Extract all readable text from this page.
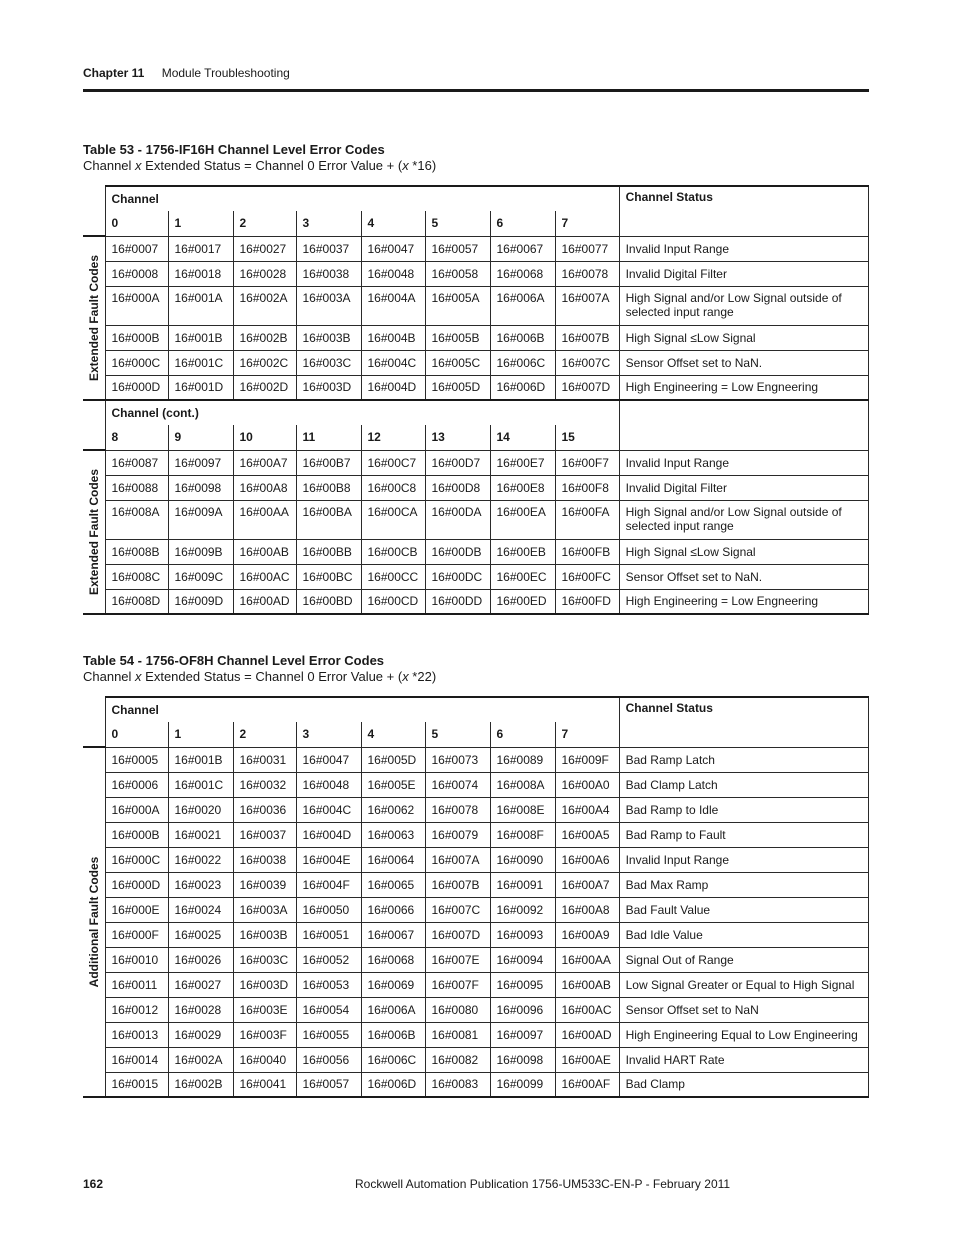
Chapter 11 Module Troubleshooting
Table 53 - 1756-IF16H Channel Level Error Codes
Channel x Extended Status = Channel 0 Error Value + (x *16)
	Channel								Channel Status
	0	1	2	3	4	5	6	7	

Extended Fault Codes	16#0007	16#0017	16#0027	16#0037	16#0047	16#0057	16#0067	16#0077	Invalid Input Range
	16#0008	16#0018	16#0028	16#0038	16#0048	16#0058	16#0068	16#0078	Invalid Digital Filter
	16#000A	16#001A	16#002A	16#003A	16#004A	16#005A	16#006A	16#007A	High Signal and/or Low Signal outside of selected input range
	16#000B	16#001B	16#002B	16#003B	16#004B	16#005B	16#006B	16#007B	High Signal ≤Low Signal
	16#000C	16#001C	16#002C	16#003C	16#004C	16#005C	16#006C	16#007C	Sensor Offset set to NaN.
	16#000D	16#001D	16#002D	16#003D	16#004D	16#005D	16#006D	16#007D	High Engineering = Low Engneering
	Channel (cont.)								
	8	9	10	11	12	13	14	15	

Extended Fault Codes	16#0087	16#0097	16#00A7	16#00B7	16#00C7	16#00D7	16#00E7	16#00F7	Invalid Input Range
	16#0088	16#0098	16#00A8	16#00B8	16#00C8	16#00D8	16#00E8	16#00F8	Invalid Digital Filter
	16#008A	16#009A	16#00AA	16#00BA	16#00CA	16#00DA	16#00EA	16#00FA	High Signal and/or Low Signal outside of selected input range
	16#008B	16#009B	16#00AB	16#00BB	16#00CB	16#00DB	16#00EB	16#00FB	High Signal ≤Low Signal
	16#008C	16#009C	16#00AC	16#00BC	16#00CC	16#00DC	16#00EC	16#00FC	Sensor Offset set to NaN.
	16#008D	16#009D	16#00AD	16#00BD	16#00CD	16#00DD	16#00ED	16#00FD	High Engineering = Low Engneering
Table 54 - 1756-OF8H Channel Level Error Codes
Channel x Extended Status = Channel 0 Error Value + (x *22)
	Channel								Channel Status
	0	1	2	3	4	5	6	7	

Additional Fault Codes	16#0005	16#001B	16#0031	16#0047	16#005D	16#0073	16#0089	16#009F	Bad Ramp Latch
	16#0006	16#001C	16#0032	16#0048	16#005E	16#0074	16#008A	16#00A0	Bad Clamp Latch
	16#000A	16#0020	16#0036	16#004C	16#0062	16#0078	16#008E	16#00A4	Bad Ramp to Idle
	16#000B	16#0021	16#0037	16#004D	16#0063	16#0079	16#008F	16#00A5	Bad Ramp to Fault
	16#000C	16#0022	16#0038	16#004E	16#0064	16#007A	16#0090	16#00A6	Invalid Input Range
	16#000D	16#0023	16#0039	16#004F	16#0065	16#007B	16#0091	16#00A7	Bad Max Ramp
	16#000E	16#0024	16#003A	16#0050	16#0066	16#007C	16#0092	16#00A8	Bad Fault Value
	16#000F	16#0025	16#003B	16#0051	16#0067	16#007D	16#0093	16#00A9	Bad Idle Value
	16#0010	16#0026	16#003C	16#0052	16#0068	16#007E	16#0094	16#00AA	Signal Out of Range
	16#0011	16#0027	16#003D	16#0053	16#0069	16#007F	16#0095	16#00AB	Low Signal Greater or Equal to High Signal
	16#0012	16#0028	16#003E	16#0054	16#006A	16#0080	16#0096	16#00AC	Sensor Offset set to NaN
	16#0013	16#0029	16#003F	16#0055	16#006B	16#0081	16#0097	16#00AD	High Engineering Equal to Low Engineering
	16#0014	16#002A	16#0040	16#0056	16#006C	16#0082	16#0098	16#00AE	Invalid HART Rate
	16#0015	16#002B	16#0041	16#0057	16#006D	16#0083	16#0099	16#00AF	Bad Clamp
162	Rockwell Automation Publication 1756-UM533C-EN-P - February 2011
